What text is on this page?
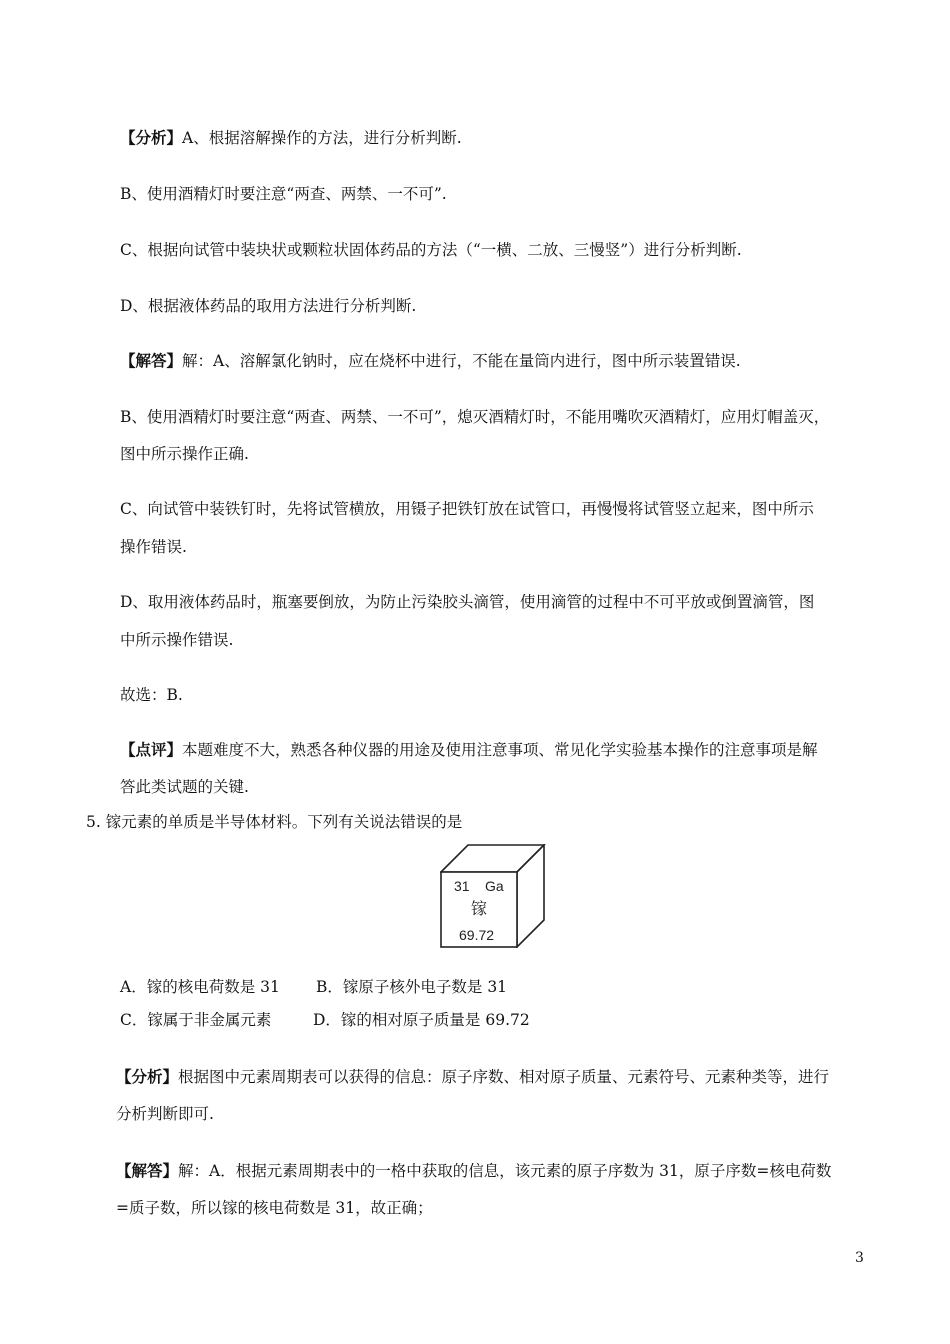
【分析】A、根据溶解操作的方法，进行分析判断.
B、使用酒精灯时要注意“两查、两禁、一不可”.
C、根据向试管中装块状或颗粒状固体药品的方法（“一横、二放、三慢竖”）进行分析判断.
D、根据液体药品的取用方法进行分析判断.
【解答】解：A、溶解氯化钠时，应在烧杯中进行，不能在量筒内进行，图中所示装置错误.
B、使用酒精灯时要注意“两查、两禁、一不可”，熄灭酒精灯时，不能用嘴吹灭酒精灯，应用灯帽盖灭，
图中所示操作正确.
C、向试管中装铁钉时，先将试管横放，用镊子把铁钉放在试管口，再慢慢将试管竖立起来，图中所示
操作错误.
D、取用液体药品时，瓶塞要倒放，为防止污染胶头滴管，使用滴管的过程中不可平放或倒置滴管，图
中所示操作错误.
故选：B.
【点评】本题难度不大，熟悉各种仪器的用途及使用注意事项、常见化学实验基本操作的注意事项是解
答此类试题的关键.
5. 镓元素的单质是半导体材料。下列有关说法错误的是
31 Ga
镓
69.72
A．镓的核电荷数是 31 B．镓原子核外电子数是 31
C．镓属于非金属元素	D．镓的相对原子质量是 69.72
【分析】根据图中元素周期表可以获得的信息：原子序数、相对原子质量、元素符号、元素种类等，进行
分析判断即可.
【解答】解：A．根据元素周期表中的一格中获取的信息，该元素的原子序数为 31，原子序数=核电荷数
=质子数，所以镓的核电荷数是 31，故正确；
3
